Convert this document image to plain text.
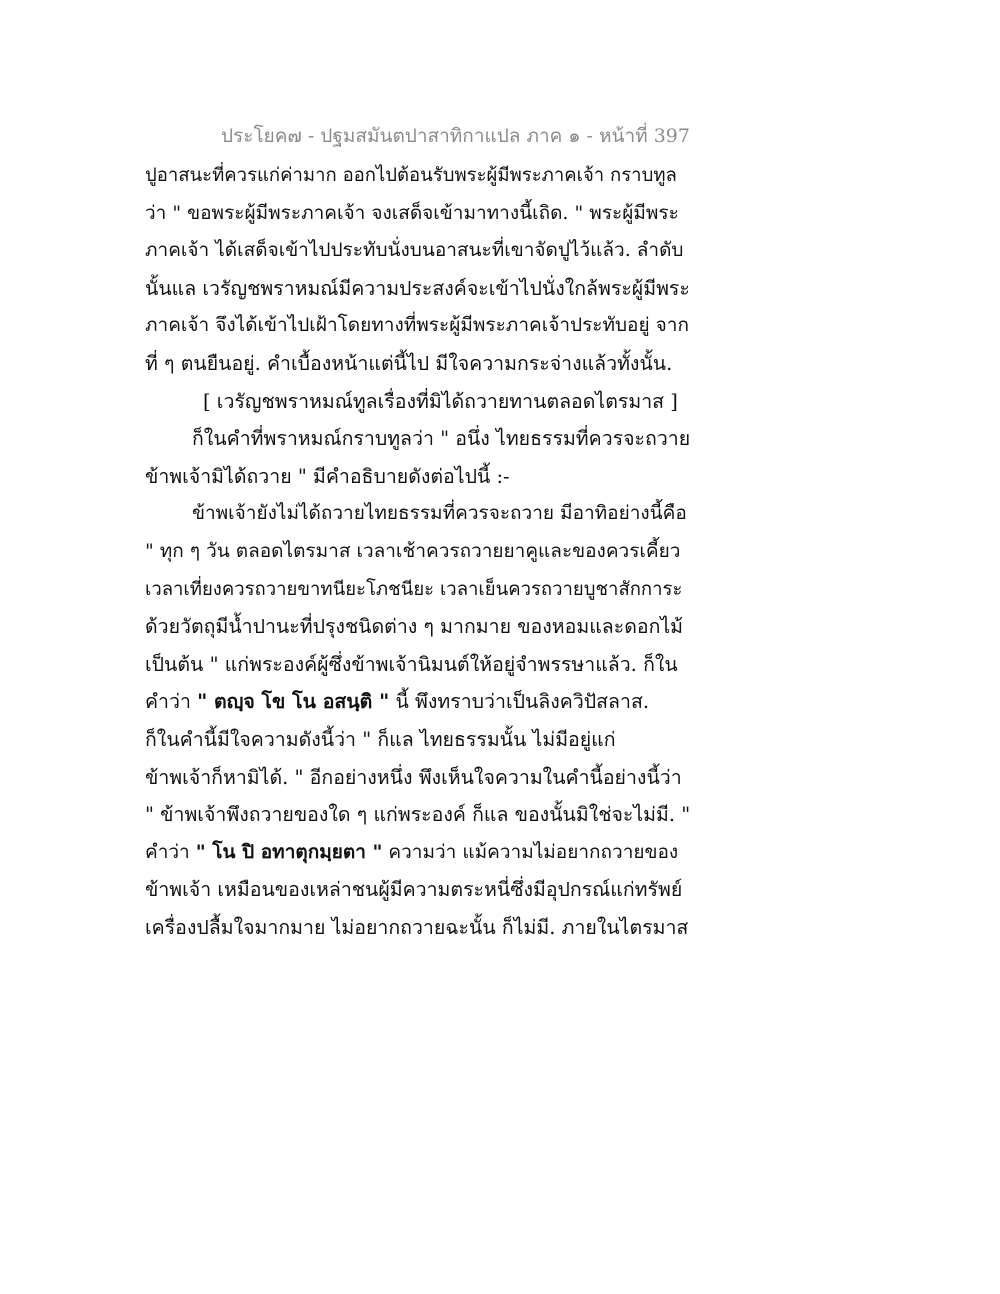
ประโยค๗ - ปฐมสมันตปาสาทิกาแปล ภาค ๑ - หน้าที่ 397
ปูอาสนะที่ควรแก่ค่ามาก ออกไปต้อนรับพระผู้มีพระภาคเจ้า กราบทูล
ว่า " ขอพระผู้มีพระภาคเจ้า จงเสด็จเข้ามาทางนี้เถิด. " พระผู้มีพระ
ภาคเจ้า ได้เสด็จเข้าไปประทับนั่งบนอาสนะที่เขาจัดปูไว้แล้ว. ลำดับ
นั้นแล เวรัญชพราหมณ์มีความประสงค์จะเข้าไปนั่งใกล้พระผู้มีพระ
ภาคเจ้า จึงได้เข้าไปเฝ้าโดยทางที่พระผู้มีพระภาคเจ้าประทับอยู่ จาก
ที่ ๆ ตนยืนอยู่. คำเบื้องหน้าแต่นี้ไป มีใจความกระจ่างแล้วทั้งนั้น.
[ เวรัญชพราหมณ์ทูลเรื่องที่มิได้ถวายทานตลอดไตรมาส ]
ก็ในคำที่พราหมณ์กราบทูลว่า " อนึ่ง ไทยธรรมที่ควรจะถวาย
ข้าพเจ้ามิได้ถวาย " มีคำอธิบายดังต่อไปนี้ :-
ข้าพเจ้ายังไม่ได้ถวายไทยธรรมที่ควรจะถวาย มีอาทิอย่างนี้คือ
" ทุก ๆ วัน ตลอดไตรมาส เวลาเช้าควรถวายยาคูและของควรเคี้ยว
เวลาเที่ยงควรถวายขาทนียะโภชนียะ เวลาเย็นควรถวายบูชาสักการะ
ด้วยวัตถุมีน้ำปานะที่ปรุงชนิดต่าง ๆ มากมาย ของหอมและดอกไม้
เป็นต้น " แก่พระองค์ผู้ซึ่งข้าพเจ้านิมนต์ให้อยู่จำพรรษาแล้ว. ก็ใน
คำว่า " ตญฺจ โข โน อสนฺติ " นี้ พึงทราบว่าเป็นลิงควิปัสลาส.
ก็ในคำนี้มีใจความดังนี้ว่า " ก็แล ไทยธรรมนั้น ไม่มีอยู่แก่
ข้าพเจ้าก็หามิได้. " อีกอย่างหนึ่ง พึงเห็นใจความในคำนี้อย่างนี้ว่า
" ข้าพเจ้าพึงถวายของใด ๆ แก่พระองค์ ก็แล ของนั้นมิใช่จะไม่มี. "
คำว่า " โน ปิ อทาตุกมฺยตา " ความว่า แม้ความไม่อยากถวายของ
ข้าพเจ้า เหมือนของเหล่าชนผู้มีความตระหนี่ซึ่งมีอุปกรณ์แก่ทรัพย์
เครื่องปลื้มใจมากมาย ไม่อยากถวายฉะนั้น ก็ไม่มี. ภายในไตรมาส
